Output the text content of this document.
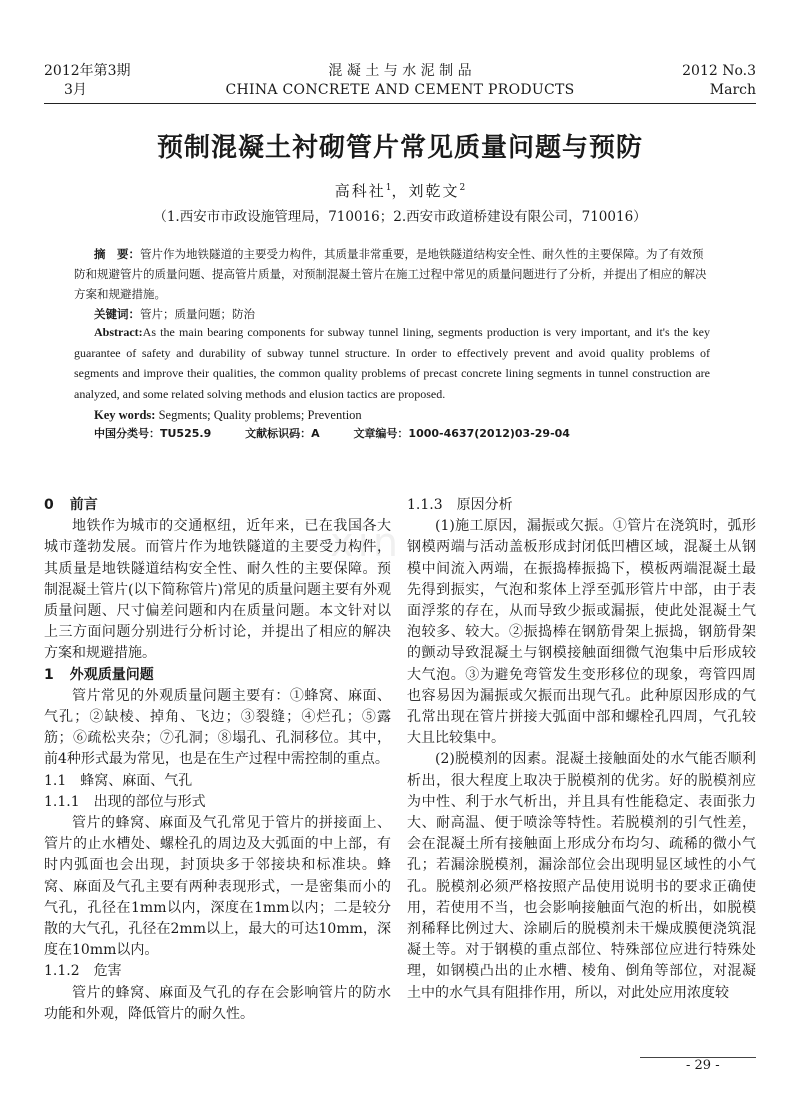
2012年第3期
3月
混 凝 土 与 水 泥 制 品
CHINA CONCRETE AND CEMENT PRODUCTS
2012 No.3
March
预制混凝土衬砌管片常见质量问题与预防
高科社$^1$，刘乾文$^2$
（1.西安市市政设施管理局，710016；2.西安市政道桥建设有限公司，710016）
摘　要：管片作为地铁隧道的主要受力构件，其质量非常重要，是地铁隧道结构安全性、耐久性的主要保障。为了有效预防和规避管片的质量问题、提高管片质量，对预制混凝土管片在施工过程中常见的质量问题进行了分析，并提出了相应的解决方案和规避措施。
关键词：管片；质量问题；防治
Abstract:As the main bearing components for subway tunnel lining, segments production is very important, and it's the key guarantee of safety and durability of subway tunnel structure. In order to effectively prevent and avoid quality problems of segments and improve their qualities, the common quality problems of precast concrete lining segments in tunnel construction are analyzed, and some related solving methods and elusion tactics are proposed.
Key words: Segments; Quality problems; Prevention
中国分类号：TU525.9	文献标识码：A	文章编号：1000-4637(2012)03-29-04
xin

0 前言

地铁作为城市的交通枢纽，近年来，已在我国各大城市蓬勃发展。而管片作为地铁隧道的主要受力构件，其质量是地铁隧道结构安全性、耐久性的主要保障。预制混凝土管片(以下简称管片)常见的质量问题主要有外观质量问题、尺寸偏差问题和内在质量问题。本文针对以上三方面问题分别进行分析讨论，并提出了相应的解决方案和规避措施。

1 外观质量问题

管片常见的外观质量问题主要有：①蜂窝、麻面、气孔；②缺棱、掉角、飞边；③裂缝；④烂孔；⑤露筋；⑥疏松夹杂；⑦孔洞；⑧塌孔、孔洞移位。其中，前4种形式最为常见，也是在生产过程中需控制的重点。

1.1 蜂窝、麻面、气孔

1.1.1 出现的部位与形式

管片的蜂窝、麻面及气孔常见于管片的拼接面上、管片的止水槽处、螺栓孔的周边及大弧面的中上部，有时内弧面也会出现，封顶块多于邻接块和标准块。蜂窝、麻面及气孔主要有两种表现形式，一是密集而小的气孔，孔径在1mm以内，深度在1mm以内；二是较分散的大气孔，孔径在2mm以上，最大的可达10mm，深度在10mm以内。

1.1.2 危害

管片的蜂窝、麻面及气孔的存在会影响管片的防水功能和外观，降低管片的耐久性。

1.1.3 原因分析

(1)施工原因，漏振或欠振。①管片在浇筑时，弧形钢模两端与活动盖板形成封闭低凹槽区域，混凝土从钢模中间流入两端，在振捣棒振捣下，模板两端混凝土最先得到振实，气泡和浆体上浮至弧形管片中部，由于表面浮浆的存在，从而导致少振或漏振，使此处混凝土气泡较多、较大。②振捣棒在钢筋骨架上振捣，钢筋骨架的颤动导致混凝土与钢模接触面细微气泡集中后形成较大气泡。③为避免弯管发生变形移位的现象，弯管四周也容易因为漏振或欠振而出现气孔。此种原因形成的气孔常出现在管片拼接大弧面中部和螺栓孔四周，气孔较大且比较集中。

(2)脱模剂的因素。混凝土接触面处的水气能否顺利析出，很大程度上取决于脱模剂的优劣。好的脱模剂应为中性、利于水气析出，并且具有性能稳定、表面张力大、耐高温、便于喷涂等特性。若脱模剂的引气性差，会在混凝土所有接触面上形成分布均匀、疏稀的微小气孔；若漏涂脱模剂，漏涂部位会出现明显区域性的小气孔。脱模剂必须严格按照产品使用说明书的要求正确使用，若使用不当，也会影响接触面气泡的析出，如脱模剂稀释比例过大、涂刷后的脱模剂未干燥成膜便浇筑混凝土等。对于钢模的重点部位、特殊部位应进行特殊处理，如钢模凸出的止水槽、棱角、倒角等部位，对混凝土中的水气具有阻排作用，所以，对此处应用浓度较

- 29 -
